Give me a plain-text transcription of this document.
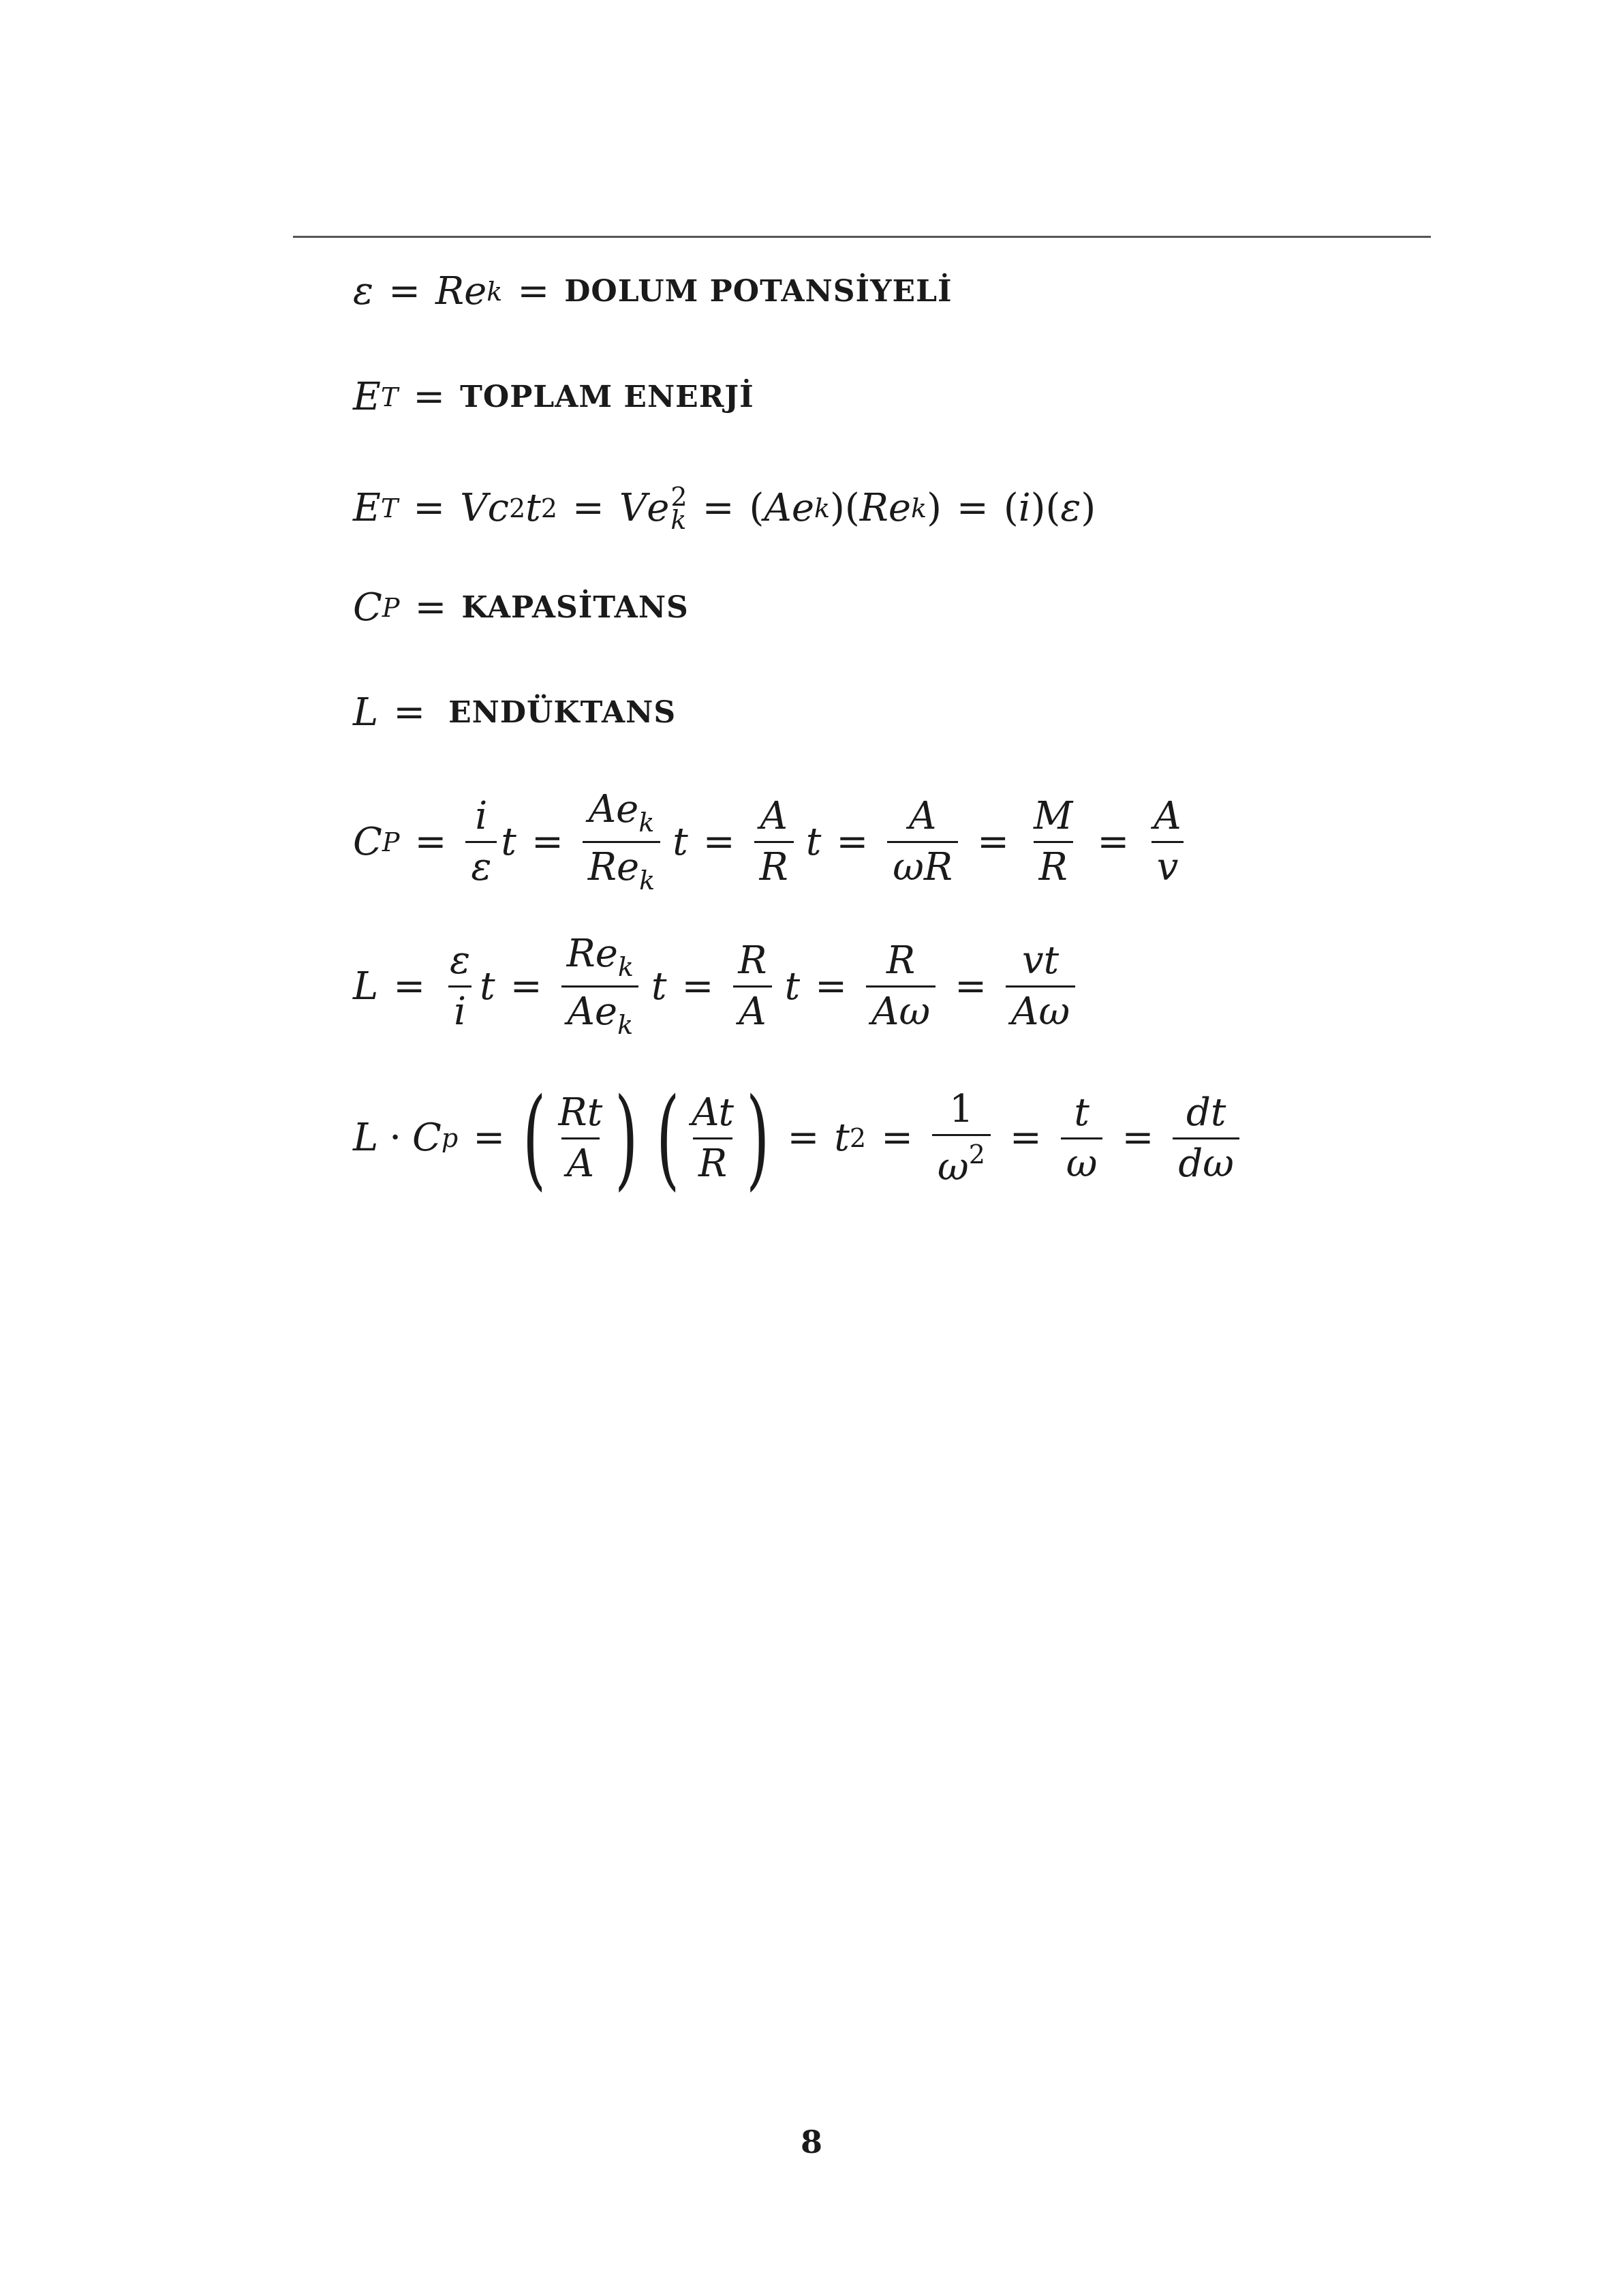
ε = R e k = DOLUM POTANSİYELİ
E T = TOPLAM ENERJİ
E T = V c 2 t 2 = V e 2
k = ( A e k ) ( R e k ) = ( i ) ( ε )
C P = KAPASİTANS
L = ENDÜKTANS
C $P = \frac{i}{\varepsilon}$ $t = \frac{Ae_k}{Re_k}$ $t = \frac{A}{R}$ $t = \frac{A}{\omega R} = \frac{M}{R} = \frac{A}{v}$
$L = \frac{\varepsilon}{i}$ $t = \frac{Re_k}{Ae_k}$ $t = \frac{R}{A}$ $t = \frac{R}{A\omega} = \frac{vt}{A\omega}$
L · C p = ( $\frac{Rt}{A}$ ) ( $\frac{At}{R}$ ) = t $2 = \frac{1}{\omega^2} = \frac{t}{\omega} = \frac{dt}{d\omega}$
8
